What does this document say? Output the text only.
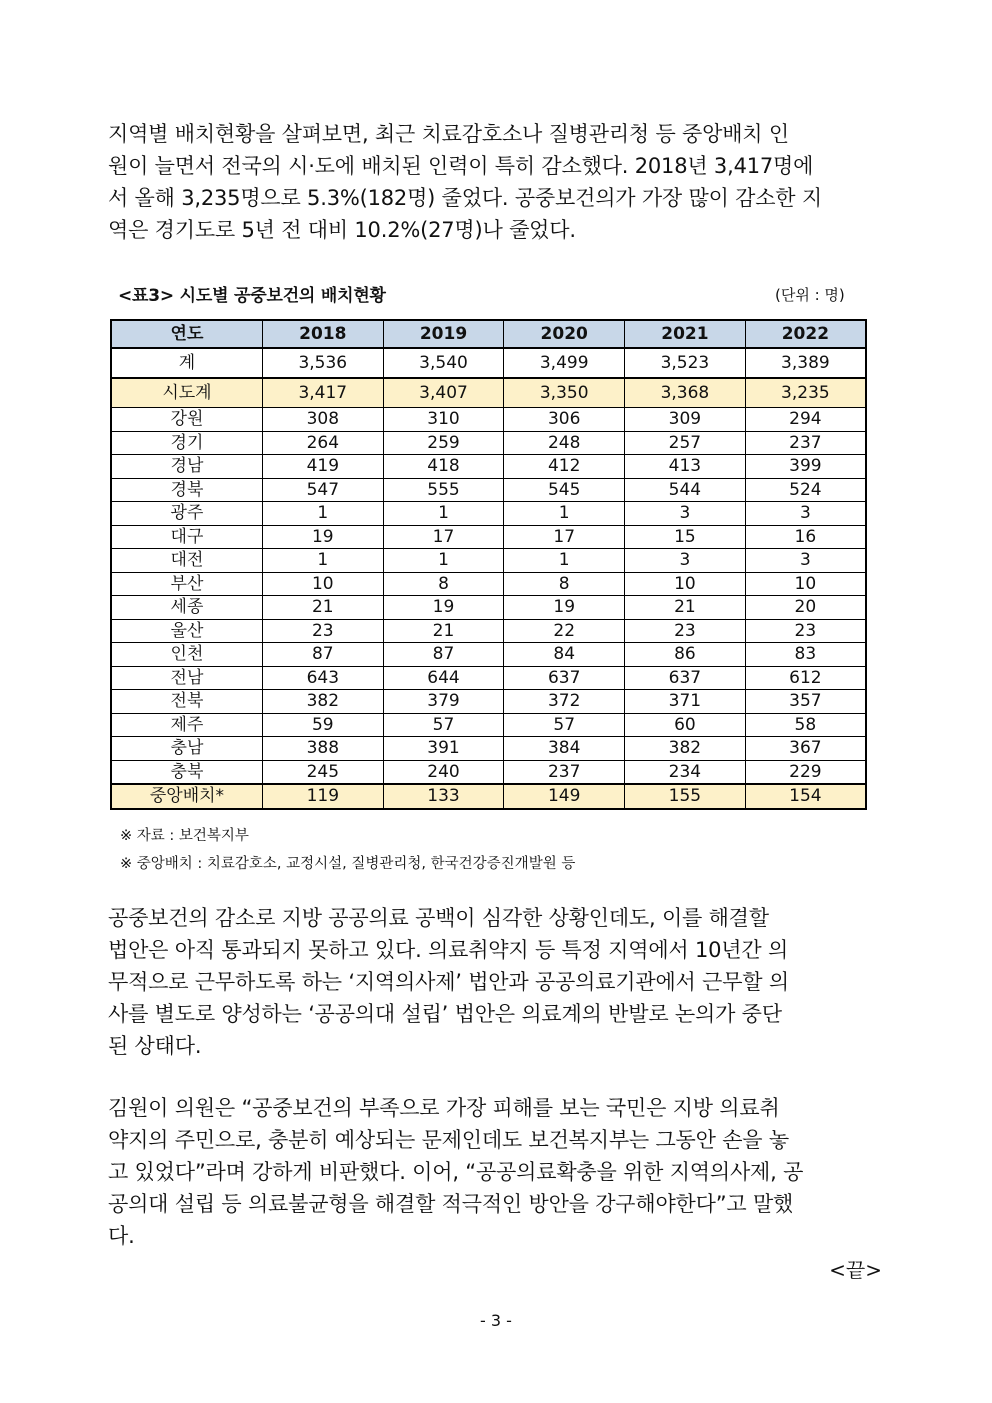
지역별 배치현황을 살펴보면, 최근 치료감호소나 질병관리청 등 중앙배치 인
원이 늘면서 전국의 시·도에 배치된 인력이 특히 감소했다. 2018년 3,417명에
서 올해 3,235명으로 5.3%(182명) 줄었다. 공중보건의가 가장 많이 감소한 지
역은 경기도로 5년 전 대비 10.2%(27명)나 줄었다.
<표3> 시도별 공중보건의 배치현황	(단위 : 명)
연도	2018	2019	2020	2021	2022
계	3,536	3,540	3,499	3,523	3,389
시도계	3,417	3,407	3,350	3,368	3,235
강원	308	310	306	309	294
경기	264	259	248	257	237
경남	419	418	412	413	399
경북	547	555	545	544	524
광주	1	1	1	3	3
대구	19	17	17	15	16
대전	1	1	1	3	3
부산	10	8	8	10	10
세종	21	19	19	21	20
울산	23	21	22	23	23
인천	87	87	84	86	83
전남	643	644	637	637	612
전북	382	379	372	371	357
제주	59	57	57	60	58
충남	388	391	384	382	367
충북	245	240	237	234	229
중앙배치*	119	133	149	155	154
※ 자료 : 보건복지부
※ 중앙배치 : 치료감호소, 교정시설, 질병관리청, 한국건강증진개발원 등
공중보건의 감소로 지방 공공의료 공백이 심각한 상황인데도, 이를 해결할
법안은 아직 통과되지 못하고 있다. 의료취약지 등 특정 지역에서 10년간 의
무적으로 근무하도록 하는 ‘지역의사제’ 법안과 공공의료기관에서 근무할 의
사를 별도로 양성하는 ‘공공의대 설립’ 법안은 의료계의 반발로 논의가 중단
된 상태다.
김원이 의원은 “공중보건의 부족으로 가장 피해를 보는 국민은 지방 의료취
약지의 주민으로, 충분히 예상되는 문제인데도 보건복지부는 그동안 손을 놓
고 있었다”라며 강하게 비판했다. 이어, “공공의료확충을 위한 지역의사제, 공
공의대 설립 등 의료불균형을 해결할 적극적인 방안을 강구해야한다”고 말했
다.
<끝>
- 3 -
